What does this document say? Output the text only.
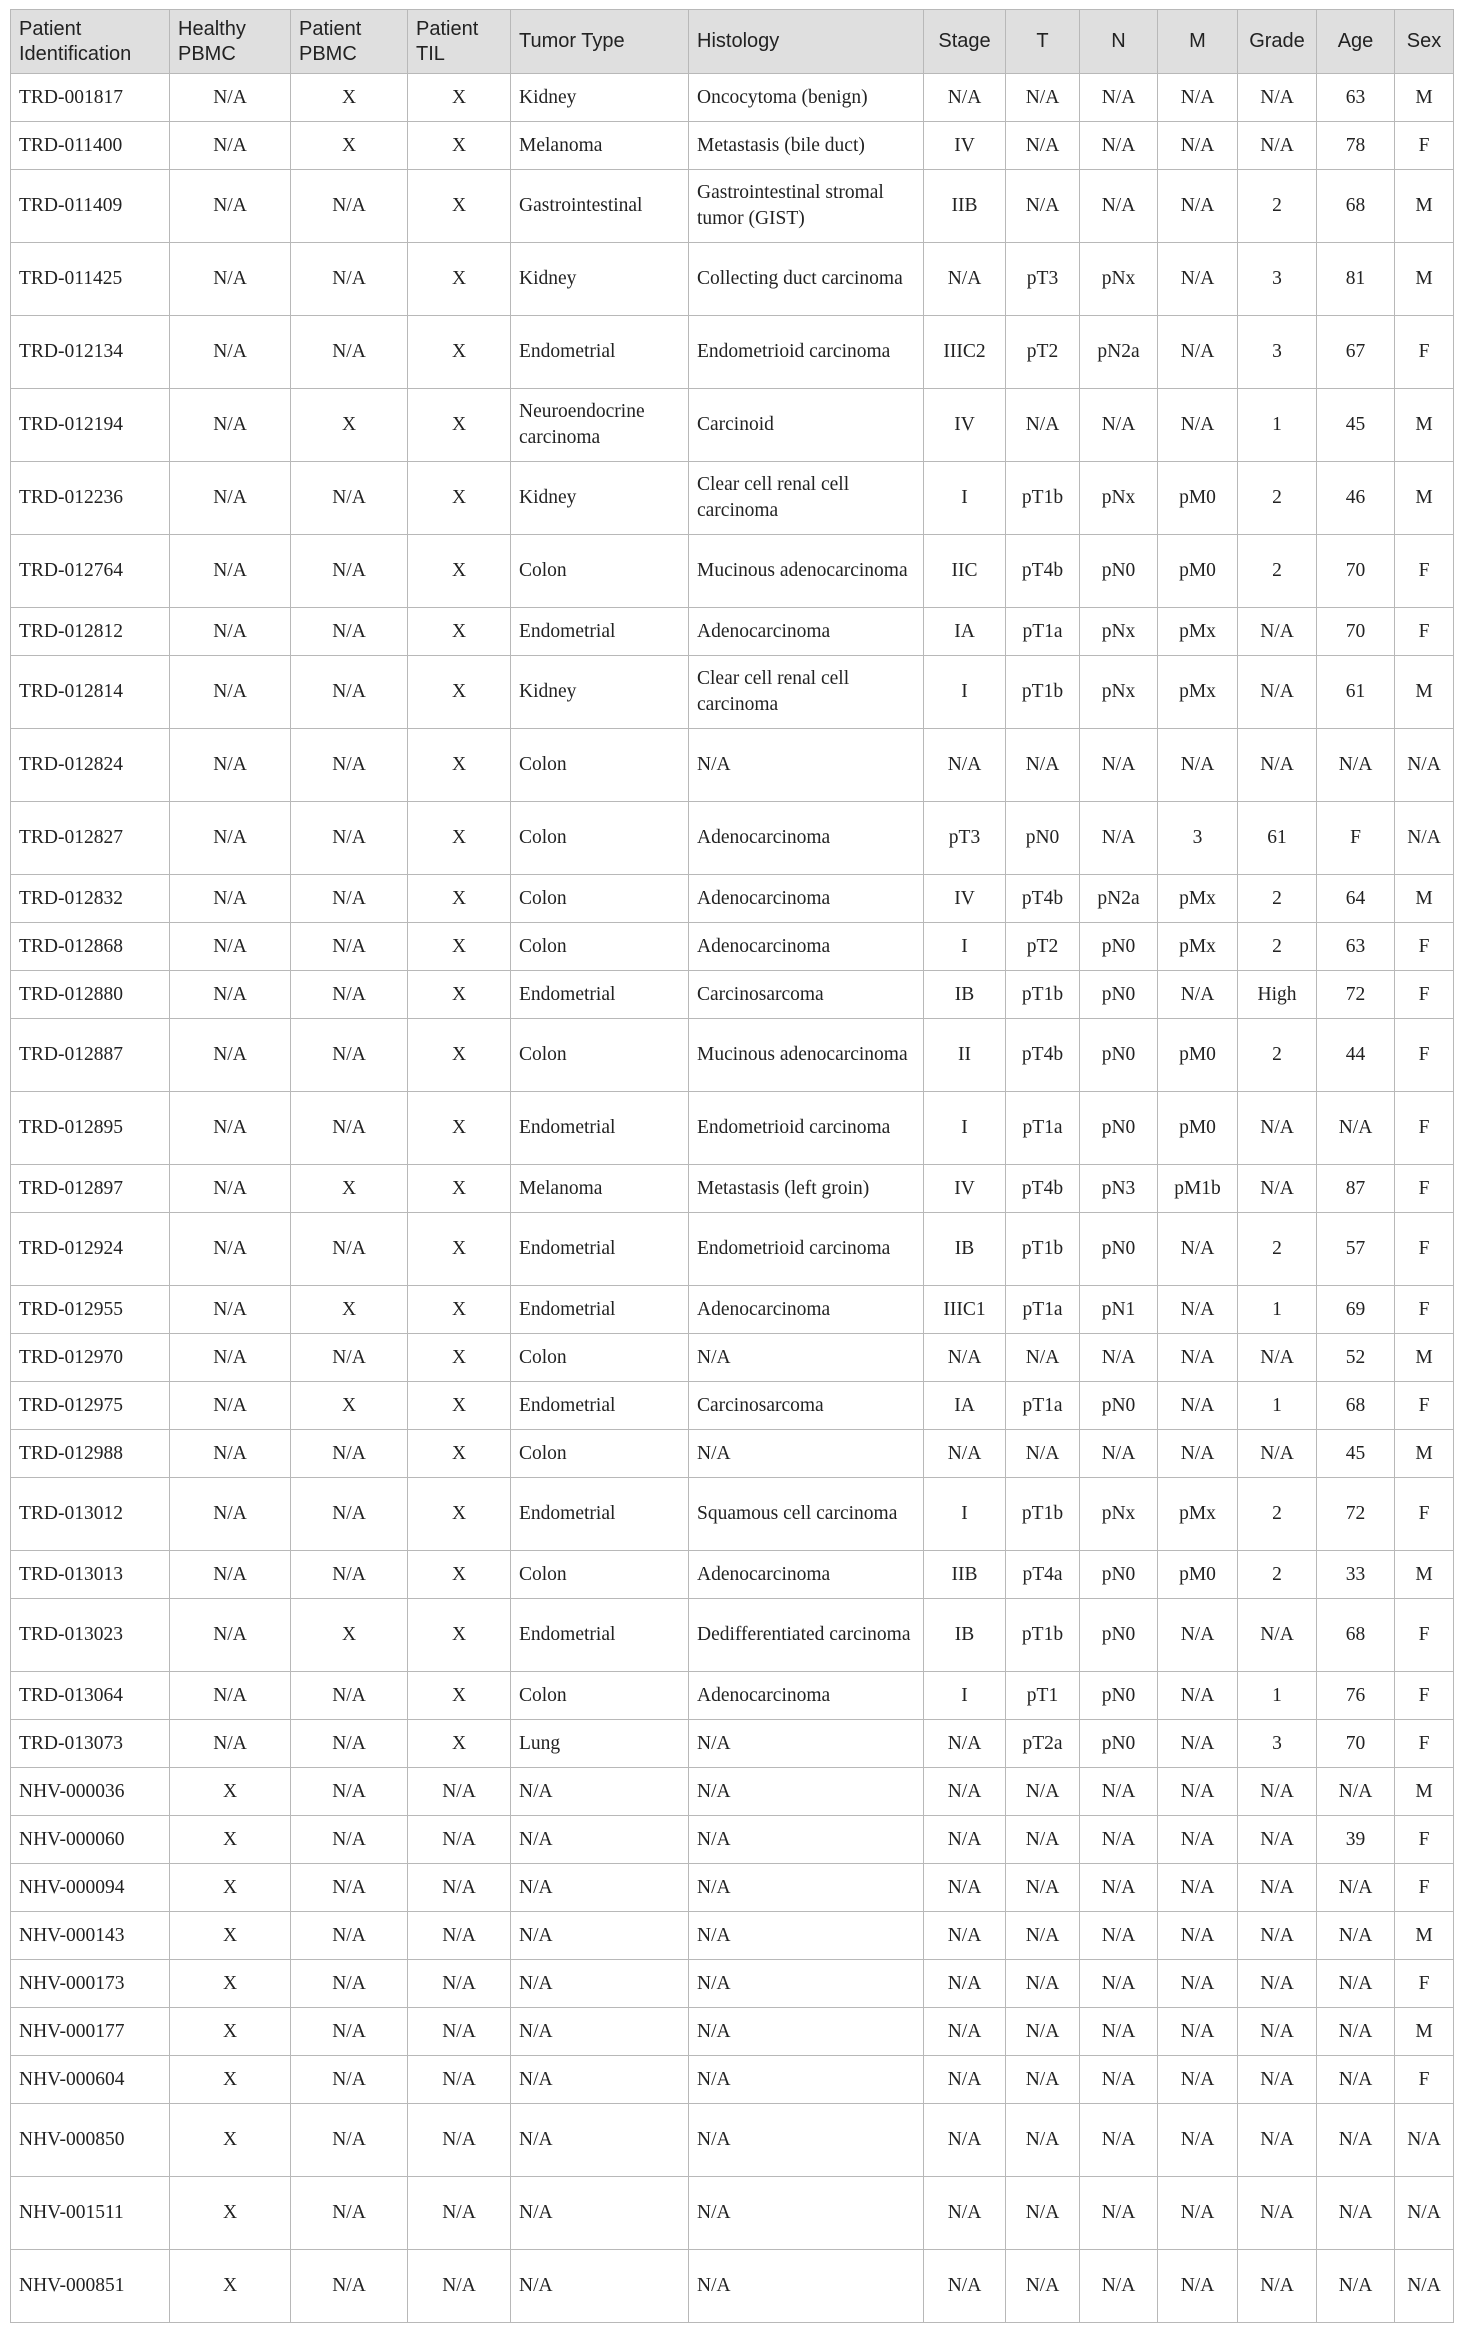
Patient Identification	Healthy PBMC	Patient PBMC	Patient TIL	Tumor Type	Histology	Stage	T	N	M	Grade	Age	Sex
TRD-001817	N/A	X	X	Kidney	Oncocytoma (benign)	N/A	N/A	N/A	N/A	N/A	63	M
TRD-011400	N/A	X	X	Melanoma	Metastasis (bile duct)	IV	N/A	N/A	N/A	N/A	78	F
TRD-011409	N/A	N/A	X	Gastrointestinal	Gastrointestinal stromal tumor (GIST)	IIB	N/A	N/A	N/A	2	68	M
TRD-011425	N/A	N/A	X	Kidney	Collecting duct carcinoma	N/A	pT3	pNx	N/A	3	81	M
TRD-012134	N/A	N/A	X	Endometrial	Endometrioid carcinoma	IIIC2	pT2	pN2a	N/A	3	67	F
TRD-012194	N/A	X	X	Neuroendocrine carcinoma	Carcinoid	IV	N/A	N/A	N/A	1	45	M
TRD-012236	N/A	N/A	X	Kidney	Clear cell renal cell carcinoma	I	pT1b	pNx	pM0	2	46	M
TRD-012764	N/A	N/A	X	Colon	Mucinous adenocarcinoma	IIC	pT4b	pN0	pM0	2	70	F
TRD-012812	N/A	N/A	X	Endometrial	Adenocarcinoma	IA	pT1a	pNx	pMx	N/A	70	F
TRD-012814	N/A	N/A	X	Kidney	Clear cell renal cell carcinoma	I	pT1b	pNx	pMx	N/A	61	M
TRD-012824	N/A	N/A	X	Colon	N/A	N/A	N/A	N/A	N/A	N/A	N/A	N/A
TRD-012827	N/A	N/A	X	Colon	Adenocarcinoma	pT3	pN0	N/A	3	61	F	N/A
TRD-012832	N/A	N/A	X	Colon	Adenocarcinoma	IV	pT4b	pN2a	pMx	2	64	M
TRD-012868	N/A	N/A	X	Colon	Adenocarcinoma	I	pT2	pN0	pMx	2	63	F
TRD-012880	N/A	N/A	X	Endometrial	Carcinosarcoma	IB	pT1b	pN0	N/A	High	72	F
TRD-012887	N/A	N/A	X	Colon	Mucinous adenocarcinoma	II	pT4b	pN0	pM0	2	44	F
TRD-012895	N/A	N/A	X	Endometrial	Endometrioid carcinoma	I	pT1a	pN0	pM0	N/A	N/A	F
TRD-012897	N/A	X	X	Melanoma	Metastasis (left groin)	IV	pT4b	pN3	pM1b	N/A	87	F
TRD-012924	N/A	N/A	X	Endometrial	Endometrioid carcinoma	IB	pT1b	pN0	N/A	2	57	F
TRD-012955	N/A	X	X	Endometrial	Adenocarcinoma	IIIC1	pT1a	pN1	N/A	1	69	F
TRD-012970	N/A	N/A	X	Colon	N/A	N/A	N/A	N/A	N/A	N/A	52	M
TRD-012975	N/A	X	X	Endometrial	Carcinosarcoma	IA	pT1a	pN0	N/A	1	68	F
TRD-012988	N/A	N/A	X	Colon	N/A	N/A	N/A	N/A	N/A	N/A	45	M
TRD-013012	N/A	N/A	X	Endometrial	Squamous cell carcinoma	I	pT1b	pNx	pMx	2	72	F
TRD-013013	N/A	N/A	X	Colon	Adenocarcinoma	IIB	pT4a	pN0	pM0	2	33	M
TRD-013023	N/A	X	X	Endometrial	Dedifferentiated carcinoma	IB	pT1b	pN0	N/A	N/A	68	F
TRD-013064	N/A	N/A	X	Colon	Adenocarcinoma	I	pT1	pN0	N/A	1	76	F
TRD-013073	N/A	N/A	X	Lung	N/A	N/A	pT2a	pN0	N/A	3	70	F
NHV-000036	X	N/A	N/A	N/A	N/A	N/A	N/A	N/A	N/A	N/A	N/A	M
NHV-000060	X	N/A	N/A	N/A	N/A	N/A	N/A	N/A	N/A	N/A	39	F
NHV-000094	X	N/A	N/A	N/A	N/A	N/A	N/A	N/A	N/A	N/A	N/A	F
NHV-000143	X	N/A	N/A	N/A	N/A	N/A	N/A	N/A	N/A	N/A	N/A	M
NHV-000173	X	N/A	N/A	N/A	N/A	N/A	N/A	N/A	N/A	N/A	N/A	F
NHV-000177	X	N/A	N/A	N/A	N/A	N/A	N/A	N/A	N/A	N/A	N/A	M
NHV-000604	X	N/A	N/A	N/A	N/A	N/A	N/A	N/A	N/A	N/A	N/A	F
NHV-000850	X	N/A	N/A	N/A	N/A	N/A	N/A	N/A	N/A	N/A	N/A	N/A
NHV-001511	X	N/A	N/A	N/A	N/A	N/A	N/A	N/A	N/A	N/A	N/A	N/A
NHV-000851	X	N/A	N/A	N/A	N/A	N/A	N/A	N/A	N/A	N/A	N/A	N/A
